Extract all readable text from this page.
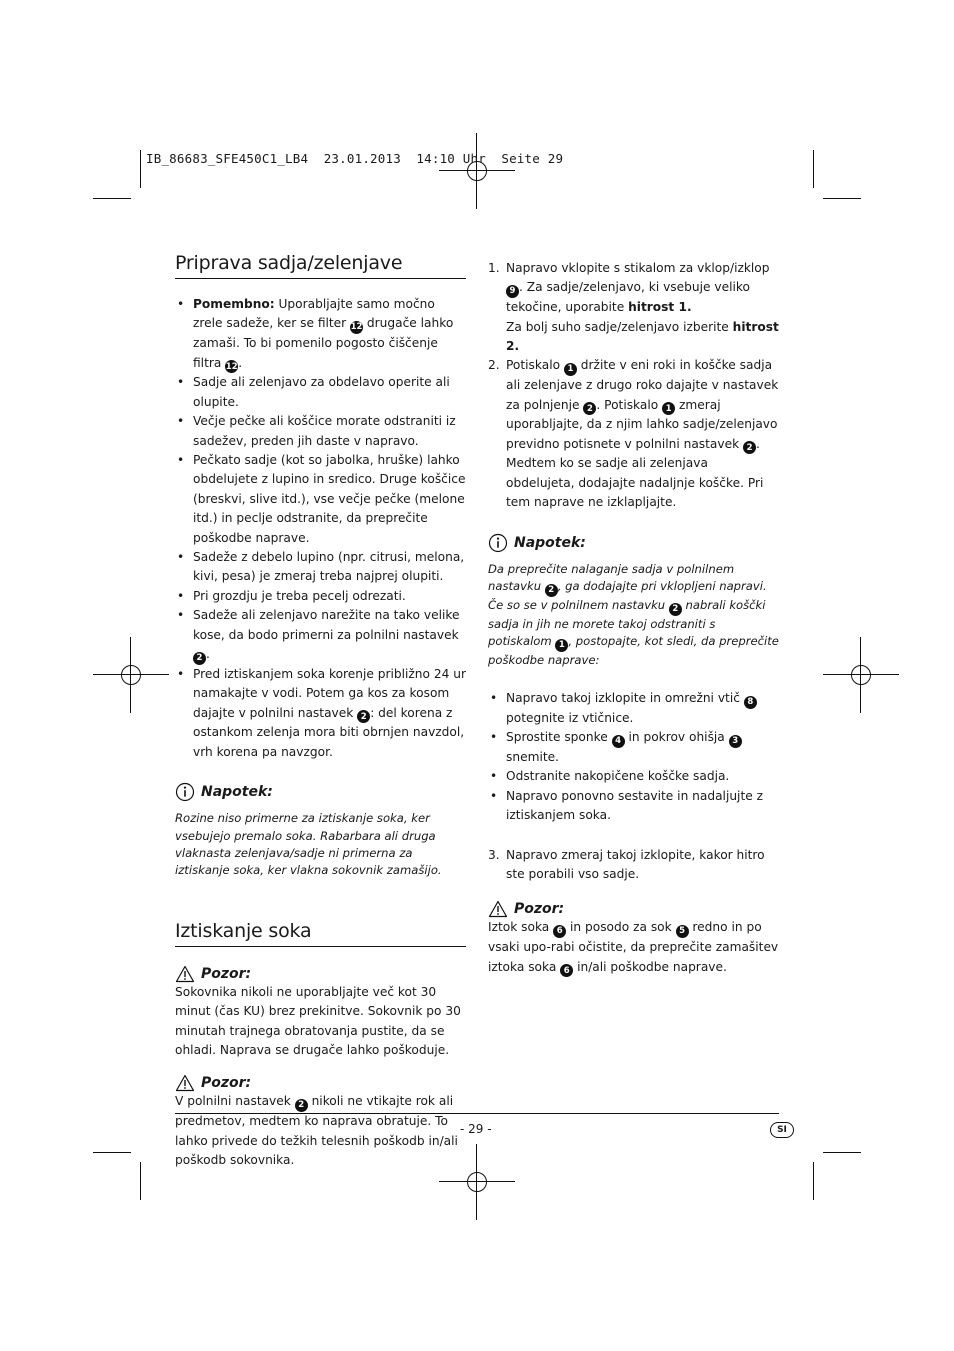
IB_86683_SFE450C1_LB4  23.01.2013  14:10 Uhr  Seite 29
Priprava sadja/zelenjave
• Pomembno: Uporabljajte samo močno zrele sadeže, ker se filter 12 drugače lahko zamaši. To bi pomenilo pogosto čiščenje filtra 12.
• Sadje ali zelenjavo za obdelavo operite ali olupite.
• Večje pečke ali koščice morate odstraniti iz sadežev, preden jih daste v napravo.
• Pečkato sadje (kot so jabolka, hruške) lahko obdelujete z lupino in sredico. Druge koščice (breskvi, slive itd.), vse večje pečke (melone itd.) in peclje odstranite, da preprečite poškodbe naprave.
• Sadeže z debelo lupino (npr. citrusi, melona, kivi, pesa) je zmeraj treba najprej olupiti.
• Pri grozdju je treba pecelj odrezati.
• Sadeže ali zelenjavo narežite na tako velike kose, da bodo primerni za polnilni nastavek 2 .
• Pred iztiskanjem soka korenje približno 24 ur namakajte v vodi. Potem ga kos za kosom dajajte v polnilni nastavek 2 : del korena z ostankom zelenja mora biti obrnjen navzdol, vrh korena pa navzgor.
Napotek:

Rozine niso primerne za iztiskanje soka, ker vsebujejo premalo soka. Rabarbara ali druga vlaknasta zelenjava/sadje ni primerna za iztiskanje soka, ker vlakna sokovnik zamašijo.

Iztiskanje soka
Pozor:

Sokovnika nikoli ne uporabljajte več kot 30 minut (čas KU) brez prekinitve. Sokovnik po 30 minutah trajnega obratovanja pustite, da se ohladi. Naprava se drugače lahko poškoduje.

Pozor:

V polnilni nastavek 2 nikoli ne vtikajte rok ali predmetov, medtem ko naprava obratuje. To lahko privede do težkih telesnih poškodb in/ali poškodb sokovnika.

1. Napravo vklopite s stikalom za vklop/izklop 9 . Za sadje/zelenjavo, ki vsebuje veliko tekočine, uporabite hitrost 1.
Za bolj suho sadje/zelenjavo izberite hitrost 2.
2. Potiskalo 1 držite v eni roki in koščke sadja ali zelenjave z drugo roko dajajte v nastavek za polnjenje 2 . Potiskalo 1 zmeraj uporabljajte, da z njim lahko sadje/zelenjavo previdno potisnete v polnilni nastavek 2 . Medtem ko se sadje ali zelenjava obdelujeta, dodajajte nadaljnje koščke. Pri tem naprave ne izklapljajte.
Napotek:

Da preprečite nalaganje sadja v polnilnem nastavku 2 , ga dodajajte pri vklopljeni napravi. Če so se v polnilnem nastavku 2 nabrali koščki sadja in jih ne morete takoj odstraniti s potiskalom 1 , postopajte, kot sledi, da preprečite poškodbe naprave:

• Napravo takoj izklopite in omrežni vtič 8 potegnite iz vtičnice.
• Sprostite sponke 4 in pokrov ohišja 3 snemite.
• Odstranite nakopičene koščke sadja.
• Napravo ponovno sestavite in nadaljujte z iztiskanjem soka.
3. Napravo zmeraj takoj izklopite, kakor hitro ste porabili vso sadje.
Pozor:

Iztok soka 6 in posodo za sok 5 redno in po vsaki upo-rabi očistite, da preprečite zamašitev iztoka soka 6 in/ali poškodbe naprave.

- 29 -	SI
